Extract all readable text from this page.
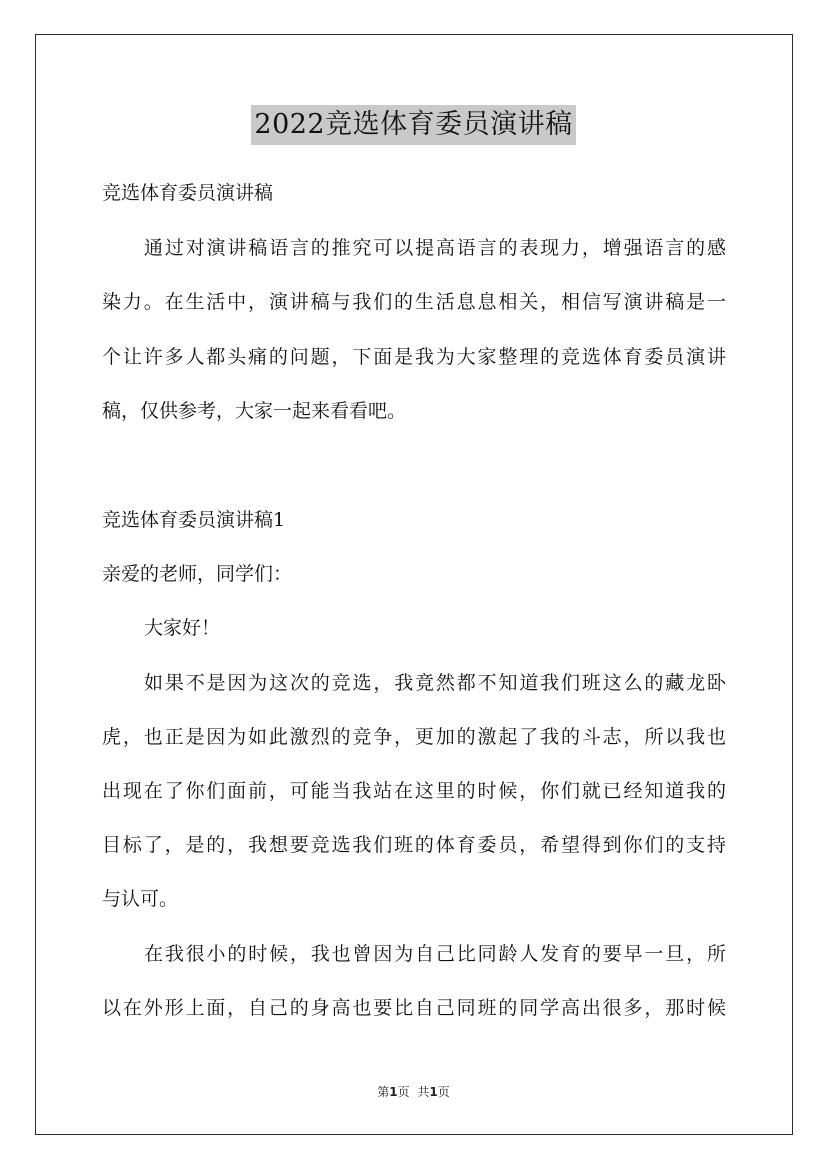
2022竞选体育委员演讲稿

竞选体育委员演讲稿

通过对演讲稿语言的推究可以提高语言的表现力，增强语言的感

染力。在生活中，演讲稿与我们的生活息息相关，相信写演讲稿是一

个让许多人都头痛的问题，下面是我为大家整理的竞选体育委员演讲

稿，仅供参考，大家一起来看看吧。

竞选体育委员演讲稿1

亲爱的老师，同学们：

大家好！

如果不是因为这次的竞选，我竟然都不知道我们班这么的藏龙卧

虎，也正是因为如此激烈的竞争，更加的激起了我的斗志，所以我也

出现在了你们面前，可能当我站在这里的时候，你们就已经知道我的

目标了，是的，我想要竞选我们班的体育委员，希望得到你们的支持

与认可。

在我很小的时候，我也曾因为自己比同龄人发育的要早一旦，所

以在外形上面，自己的身高也要比自己同班的同学高出很多，那时候

第1页 共1页
